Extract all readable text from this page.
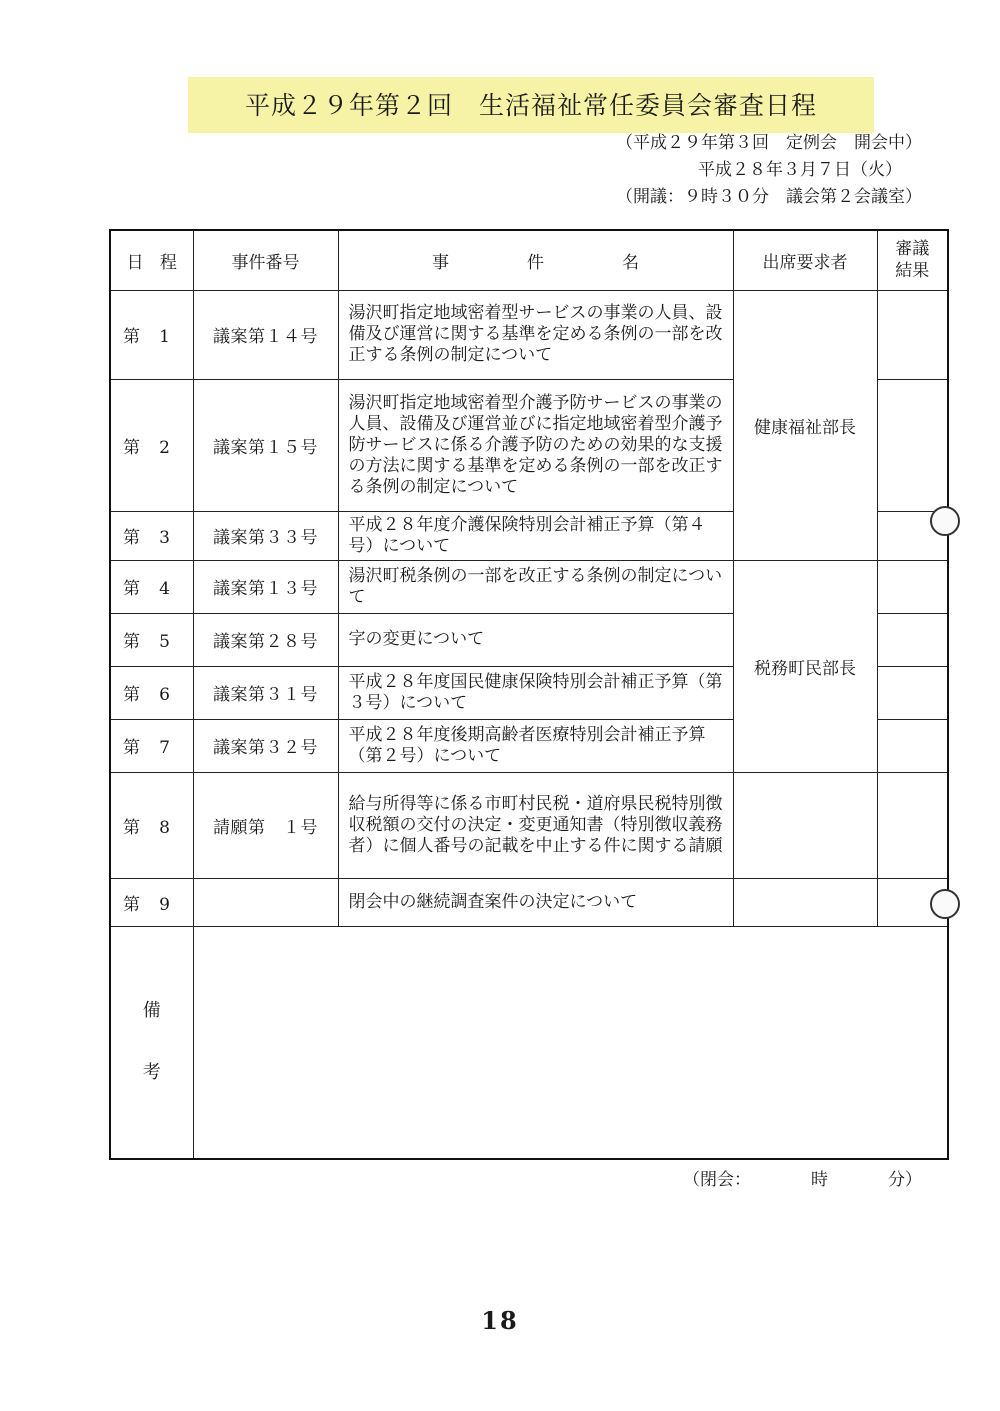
平成２９年第２回　生活福祉常任委員会審査日程
（平成２９年第３回　定例会　開会中）
平成２８年３月７日（火）
（開議：９時３０分　議会第２会議室）
日 程	事件番号	事 件 名	出席要求者	審議
結果
第 1	議案第１４号	湯沢町指定地域密着型サービスの事業の人員、設備及び運営に関する基準を定める条例の一部を改正する条例の制定について	健康福祉部長	
第 2	議案第１５号	湯沢町指定地域密着型介護予防サービスの事業の人員、設備及び運営並びに指定地域密着型介護予防サービスに係る介護予防のための効果的な支援の方法に関する基準を定める条例の一部を改正する条例の制定について		
第 3	議案第３３号	平成２８年度介護保険特別会計補正予算（第４号）について		
第 4	議案第１３号	湯沢町税条例の一部を改正する条例の制定について	税務町民部長	
第 5	議案第２８号	字の変更について		
第 6	議案第３１号	平成２８年度国民健康保険特別会計補正予算（第３号）について		
第 7	議案第３２号	平成２８年度後期高齢者医療特別会計補正予算（第２号）について		
第 8	請願第　１号	給与所得等に係る市町村民税・道府県民税特別徴収税額の交付の決定・変更通知書（特別徴収義務者）に個人番号の記載を中止する件に関する請願		
第 9		閉会中の継続調査案件の決定について		

備
考				

（閉会：	時	分）
18
